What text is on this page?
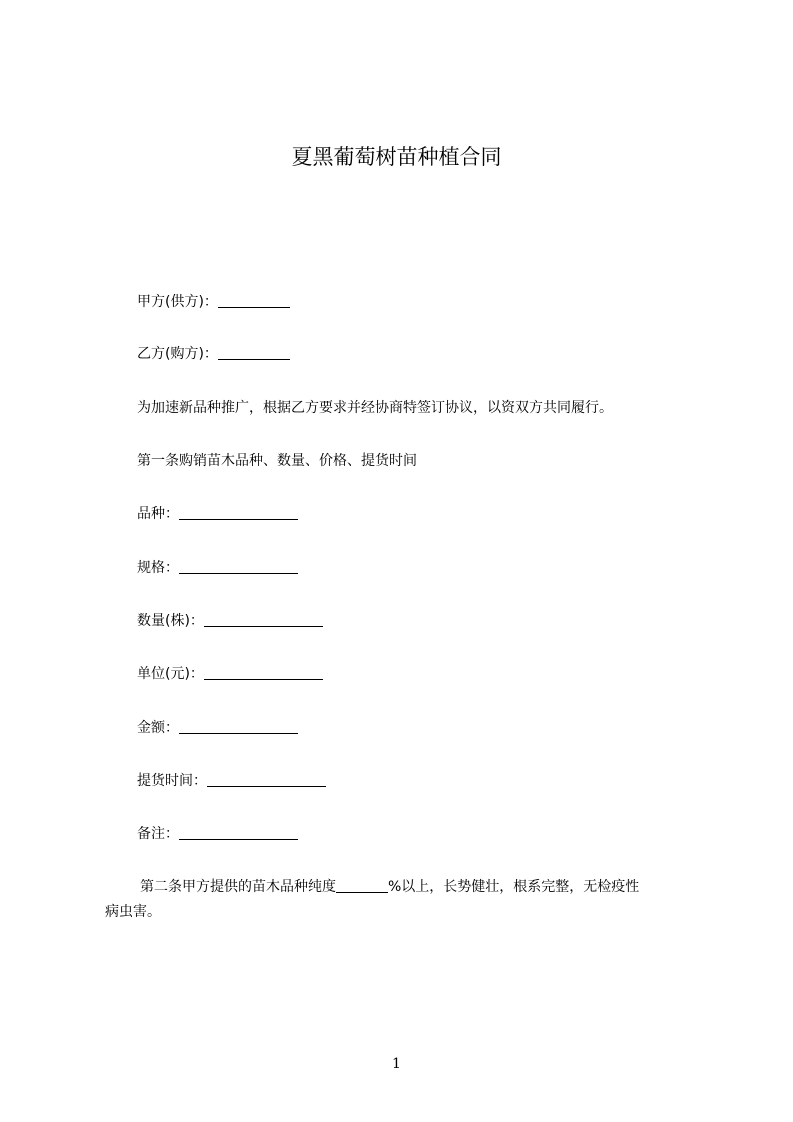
夏黑葡萄树苗种植合同
甲方(供方)：
乙方(购方)：
为加速新品种推广，根据乙方要求并经协商特签订协议，以资双方共同履行。
第一条购销苗木品种、数量、价格、提货时间
品种：
规格：
数量(株)：
单位(元)：
金额：
提货时间：
备注：
第二条甲方提供的苗木品种纯度	%以上，长势健壮，根系完整，无检疫性
病虫害。
1
